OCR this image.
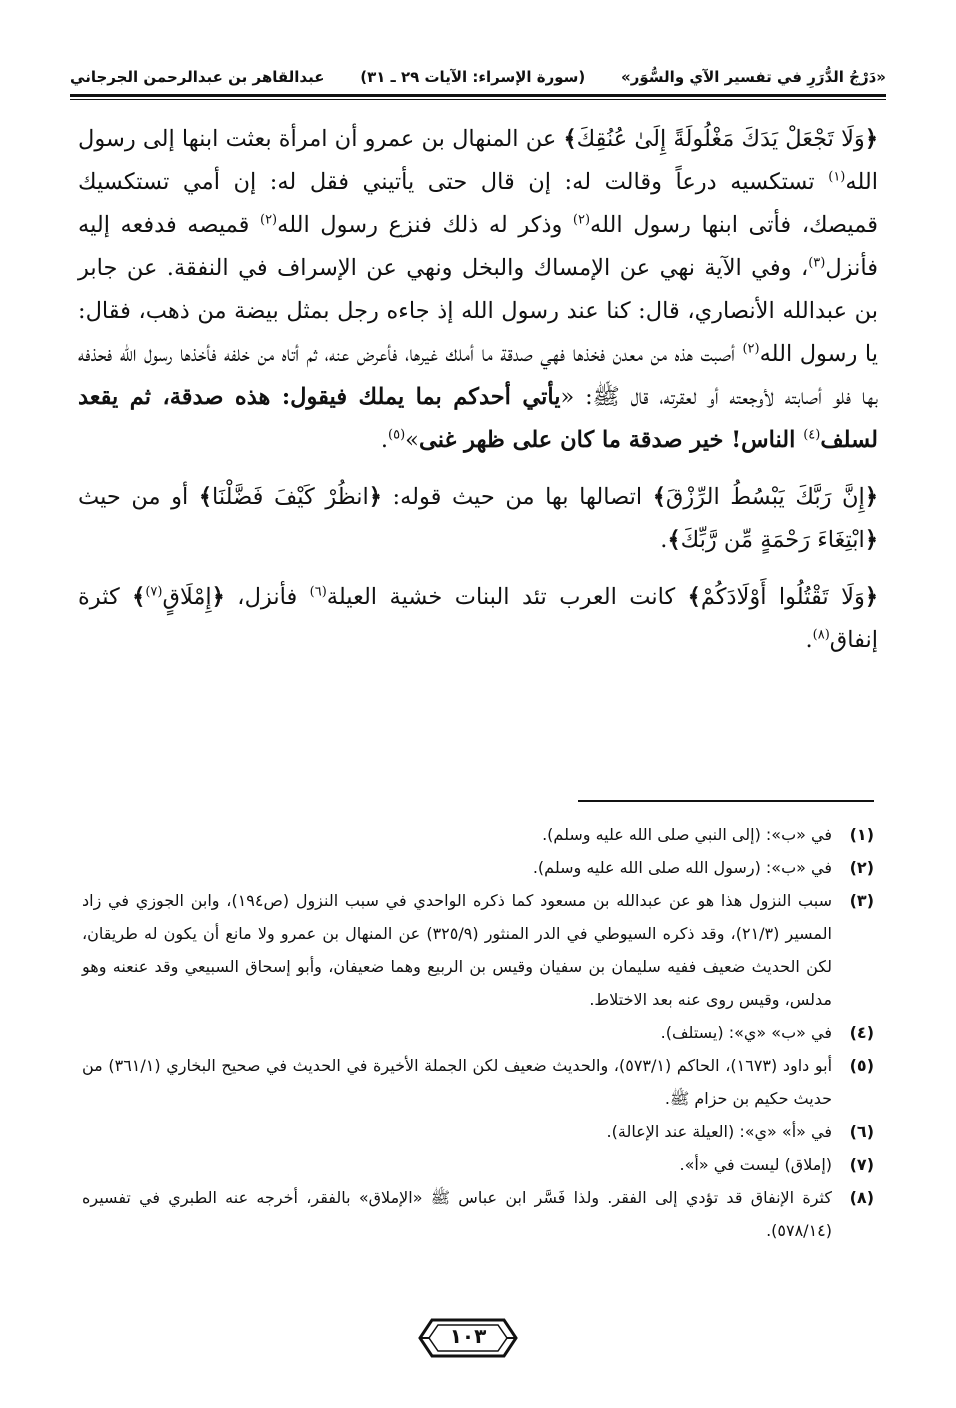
«دَرْجُ الدُّرَرِ في تفسير الآي والسُّوَر»
(سورة الإسراء: الآيات ٢٩ ـ ٣١)
عبدالقاهر بن عبدالرحمن الجرجاني

﴿وَلَا تَجْعَلْ يَدَكَ مَغْلُولَةً إِلَىٰ عُنُقِكَ﴾ عن المنهال بن عمرو أن امرأة بعثت ابنها إلى رسول الله$^{(١)}$ تستكسيه درعاً وقالت له: إن قال حتى يأتيني فقل له: إن أمي تستكسيك قميصك، فأتى ابنها رسول الله$^{(٢)}$ وذكر له ذلك فنزع رسول الله$^{(٢)}$ قميصه فدفعه إليه فأنزل$^{(٣)}$، وفي الآية نهي عن الإمساك والبخل ونهي عن الإسراف في النفقة. عن جابر بن عبدالله الأنصاري، قال: كنا عند رسول الله إذ جاءه رجل بمثل بيضة من ذهب، فقال: يا رسول الله$^{(٢)}$ أصبت هذه من معدن فخذها فهي صدقة ما أملك غيرها، فأعرض عنه، ثم أتاه من خلفه فأخذها رسول الله فحذفه بها فلو أصابته لأوجعته أو لعقرته، قال ﷺ: «يأتي أحدكم بما يملك فيقول: هذه صدقة، ثم يقعد لسلف$^{(٤)}$ الناس! خير صدقة ما كان على ظهر غنى»$^{(٥)}$.

﴿إِنَّ رَبَّكَ يَبْسُطُ الرِّزْقَ﴾ اتصالها بها من حيث قوله: ﴿انظُرْ كَيْفَ فَضَّلْنَا﴾ أو من حيث ﴿ابْتِغَاءَ رَحْمَةٍ مِّن رَّبِّكَ﴾.

﴿وَلَا تَقْتُلُوا أَوْلَادَكُمْ﴾ كانت العرب تئد البنات خشية العيلة$^{(٦)}$ فأنزل، ﴿إِمْلَاقٍ$^{(٧)}$﴾ كثرة إنفاق$^{(٨)}$.

(١)
في «ب»: (إلى النبي صلى الله عليه وسلم).
(٢)
في «ب»: (رسول الله صلى الله عليه وسلم).
(٣)
سبب النزول هذا هو عن عبدالله بن مسعود كما ذكره الواحدي في سبب النزول (ص١٩٤)، وابن الجوزي في زاد المسير (٢١/٣)، وقد ذكره السيوطي في الدر المنثور (٣٢٥/٩) عن المنهال بن عمرو ولا مانع أن يكون له طريقان، لكن الحديث ضعيف ففيه سليمان بن سفيان وقيس بن الربيع وهما ضعيفان، وأبو إسحاق السبيعي وقد عنعنه وهو مدلس، وقيس روى عنه بعد الاختلاط.
(٤)
في «ب» «ي»: (يستلف).
(٥)
أبو داود (١٦٧٣)، الحاكم (٥٧٣/١)، والحديث ضعيف لكن الجملة الأخيرة في الحديث في صحيح البخاري (٣٦١/١) من حديث حكيم بن حزام ﷺ.
(٦)
في «أ» «ي»: (العيلة عند الإعالة).
(٧)
(إملاق) ليست في «أ».
(٨)
كثرة الإنفاق قد تؤدي إلى الفقر. ولذا فَسَّر ابن عباس ﷺ «الإملاق» بالفقر، أخرجه عنه الطبري في تفسيره (٥٧٨/١٤).
١٠٣
